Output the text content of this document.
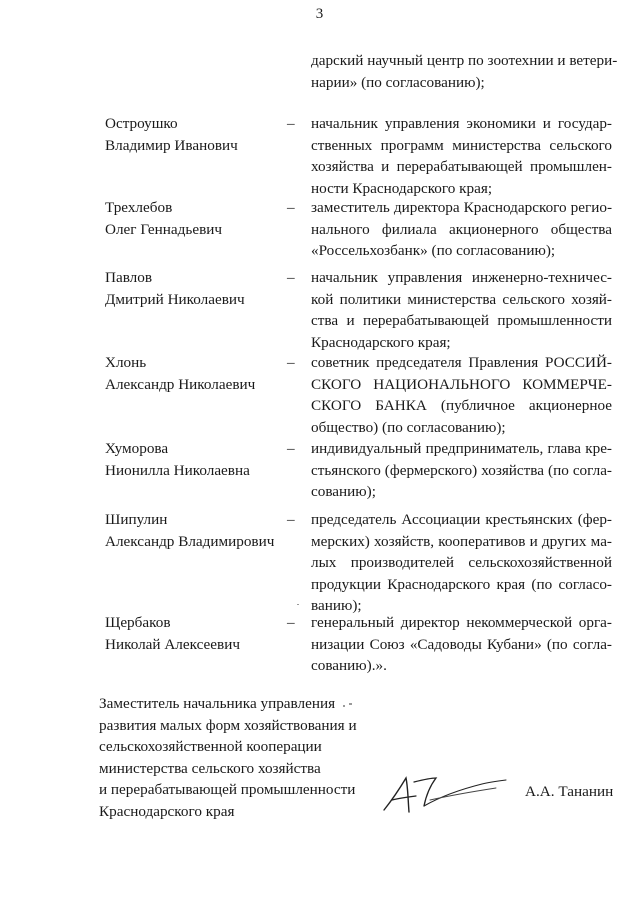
3
дарский научный центр по зоотехнии и ветери-
нарии» (по согласованию);
Остроушко
Владимир Иванович
– начальник управления экономики и государ-
ственных программ министерства сельского
хозяйства и перерабатывающей промышлен-
ности Краснодарского края;
Трехлебов
Олег Геннадьевич
– заместитель директора Краснодарского регио-
нального филиала акционерного общества
«Россельхозбанк» (по согласованию);
Павлов
Дмитрий Николаевич
– начальник управления инженерно-техничес-
кой политики министерства сельского хозяй-
ства и перерабатывающей промышленности
Краснодарского края;
Хлонь
Александр Николаевич
– советник председателя Правления РОССИЙ-
СКОГО НАЦИОНАЛЬНОГО КОММЕРЧЕ-
СКОГО БАНКА (публичное акционерное
общество) (по согласованию);
Хуморова
Нионилла Николаевна
– индивидуальный предприниматель, глава кре-
стьянского (фермерского) хозяйства (по согла-
сованию);
Шипулин
Александр Владимирович
– председатель Ассоциации крестьянских (фер-
мерских) хозяйств, кооперативов и других ма-
лых производителей сельскохозяйственной
продукции Краснодарского края (по согласо-
ванию);
Щербаков
Николай Алексеевич
– генеральный директор некоммерческой орга-
низации Союз «Садоводы Кубани» (по согла-
сованию).».
Заместитель начальника управления
развития малых форм хозяйствования и
сельскохозяйственной кооперации
министерства сельского хозяйства
и перерабатывающей промышленности
Краснодарского края
А.А. Тананин
